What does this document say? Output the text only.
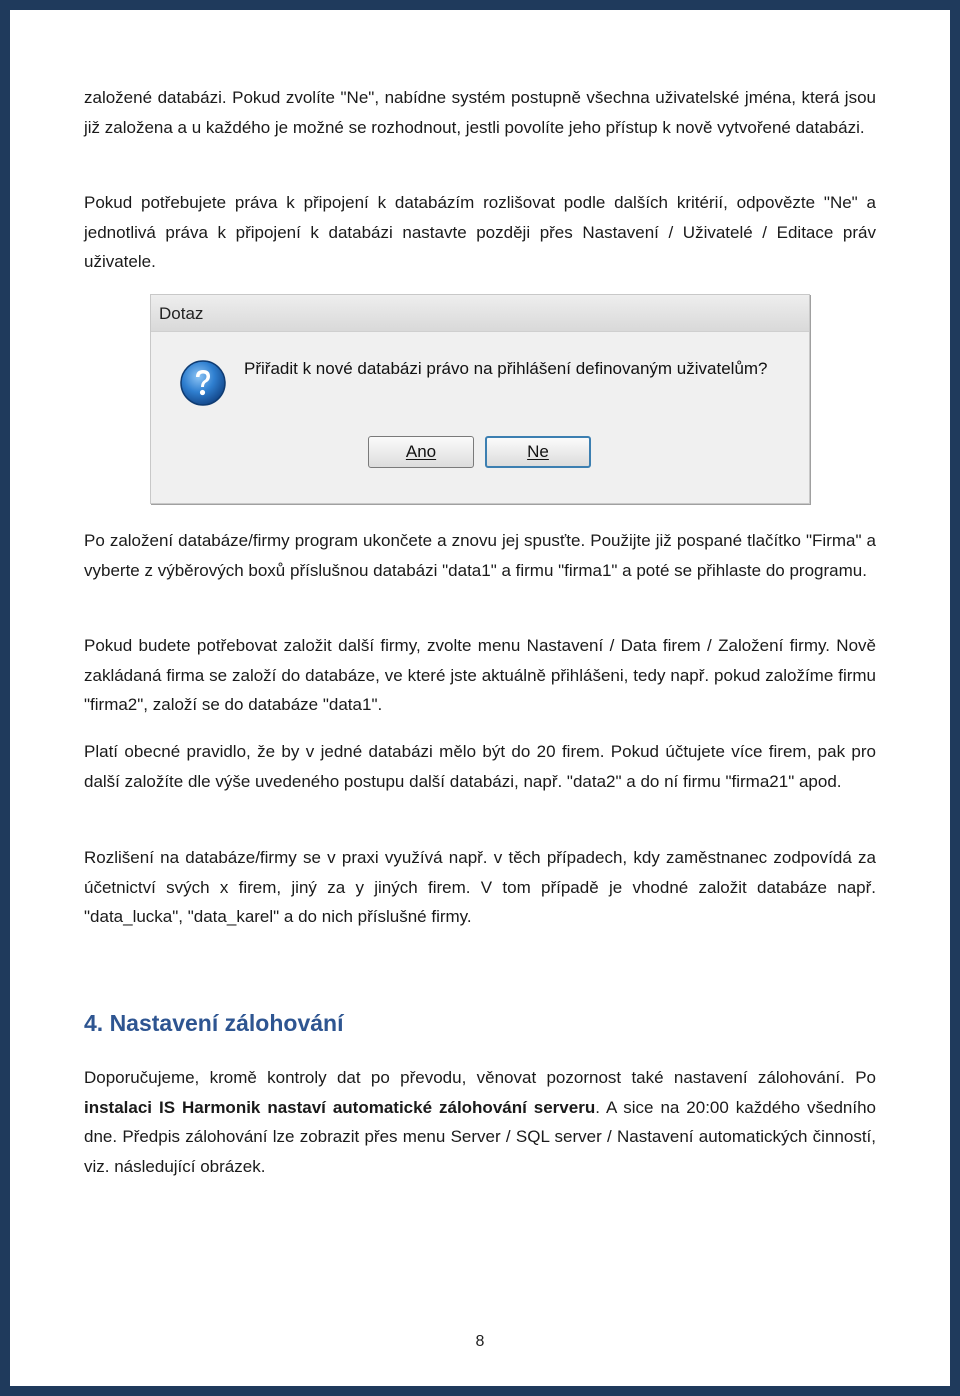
založené databázi. Pokud zvolíte "Ne", nabídne systém postupně všechna uživatelské jména, která jsou již založena a u každého je možné se rozhodnout, jestli povolíte jeho přístup k nově vytvořené databázi.

Pokud potřebujete práva k připojení k databázím rozlišovat podle dalších kritérií, odpovězte "Ne" a jednotlivá práva k připojení k databázi nastavte později přes Nastavení / Uživatelé / Editace práv uživatele.

Dotaz
Přiřadit k nové databázi právo na přihlášení definovaným uživatelům?
Ano	Ne

Po založení databáze/firmy program ukončete a znovu jej spusťte. Použijte již pospané tlačítko "Firma" a vyberte z výběrových boxů příslušnou databázi "data1" a firmu "firma1" a poté se přihlaste do programu.

Pokud budete potřebovat založit další firmy, zvolte menu Nastavení / Data firem / Založení firmy. Nově zakládaná firma se založí do databáze, ve které jste aktuálně přihlášeni, tedy např. pokud založíme firmu "firma2", založí se do databáze "data1".

Platí obecné pravidlo, že by v jedné databázi mělo být do 20 firem. Pokud účtujete více firem, pak pro další založíte dle výše uvedeného postupu další databázi, např. "data2" a do ní firmu "firma21" apod.

Rozlišení na databáze/firmy se v praxi využívá např. v těch případech, kdy zaměstnanec zodpovídá za účetnictví svých x firem, jiný za y jiných firem. V tom případě je vhodné založit databáze např. "data_lucka", "data_karel" a do nich příslušné firmy.

4. Nastavení zálohování

Doporučujeme, kromě kontroly dat po převodu, věnovat pozornost také nastavení zálohování. Po instalaci IS Harmonik nastaví automatické zálohování serveru. A sice na 20:00 každého všedního dne. Předpis zálohování lze zobrazit přes menu Server / SQL server / Nastavení automatických činností, viz. následující obrázek.

8
